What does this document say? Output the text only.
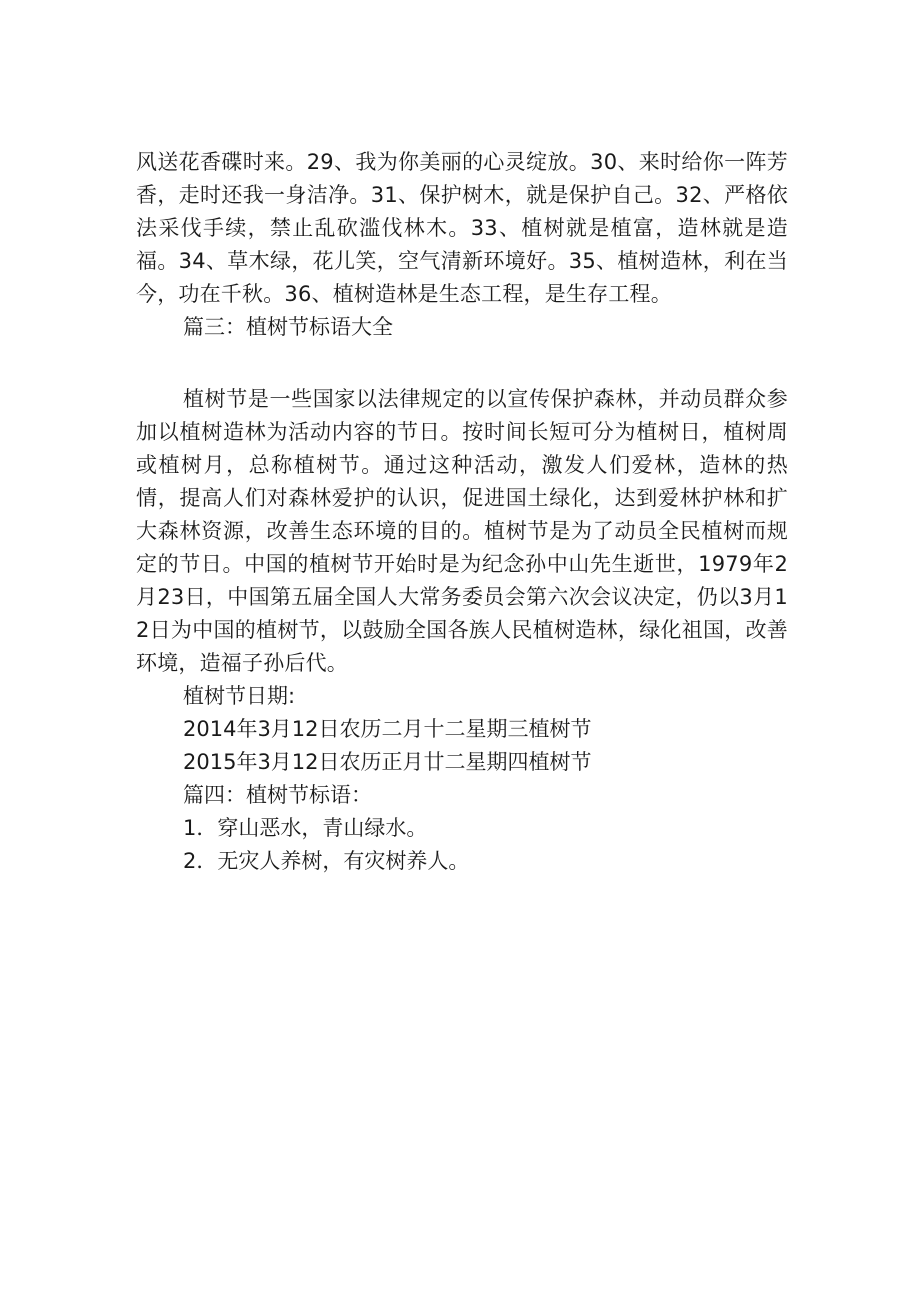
风送花香碟时来。29、我为你美丽的心灵绽放。30、来时给你一阵芳香，走时还我一身洁净。31、保护树木，就是保护自己。32、严格依法采伐手续，禁止乱砍滥伐林木。33、植树就是植富，造林就是造福。34、草木绿，花儿笑，空气清新环境好。35、植树造林，利在当今，功在千秋。36、植树造林是生态工程，是生存工程。

篇三：植树节标语大全

植树节是一些国家以法律规定的以宣传保护森林，并动员群众参加以植树造林为活动内容的节日。按时间长短可分为植树日，植树周或植树月，总称植树节。通过这种活动，激发人们爱林，造林的热情，提高人们对森林爱护的认识，促进国土绿化，达到爱林护林和扩大森林资源，改善生态环境的目的。植树节是为了动员全民植树而规定的节日。中国的植树节开始时是为纪念孙中山先生逝世，1979年2月23日，中国第五届全国人大常务委员会第六次会议决定，仍以3月12日为中国的植树节，以鼓励全国各族人民植树造林，绿化祖国，改善环境，造福子孙后代。

植树节日期:

2014年3月12日农历二月十二星期三植树节

2015年3月12日农历正月廿二星期四植树节

篇四：植树节标语：

1．穿山恶水，青山绿水。

2．无灾人养树，有灾树养人。
